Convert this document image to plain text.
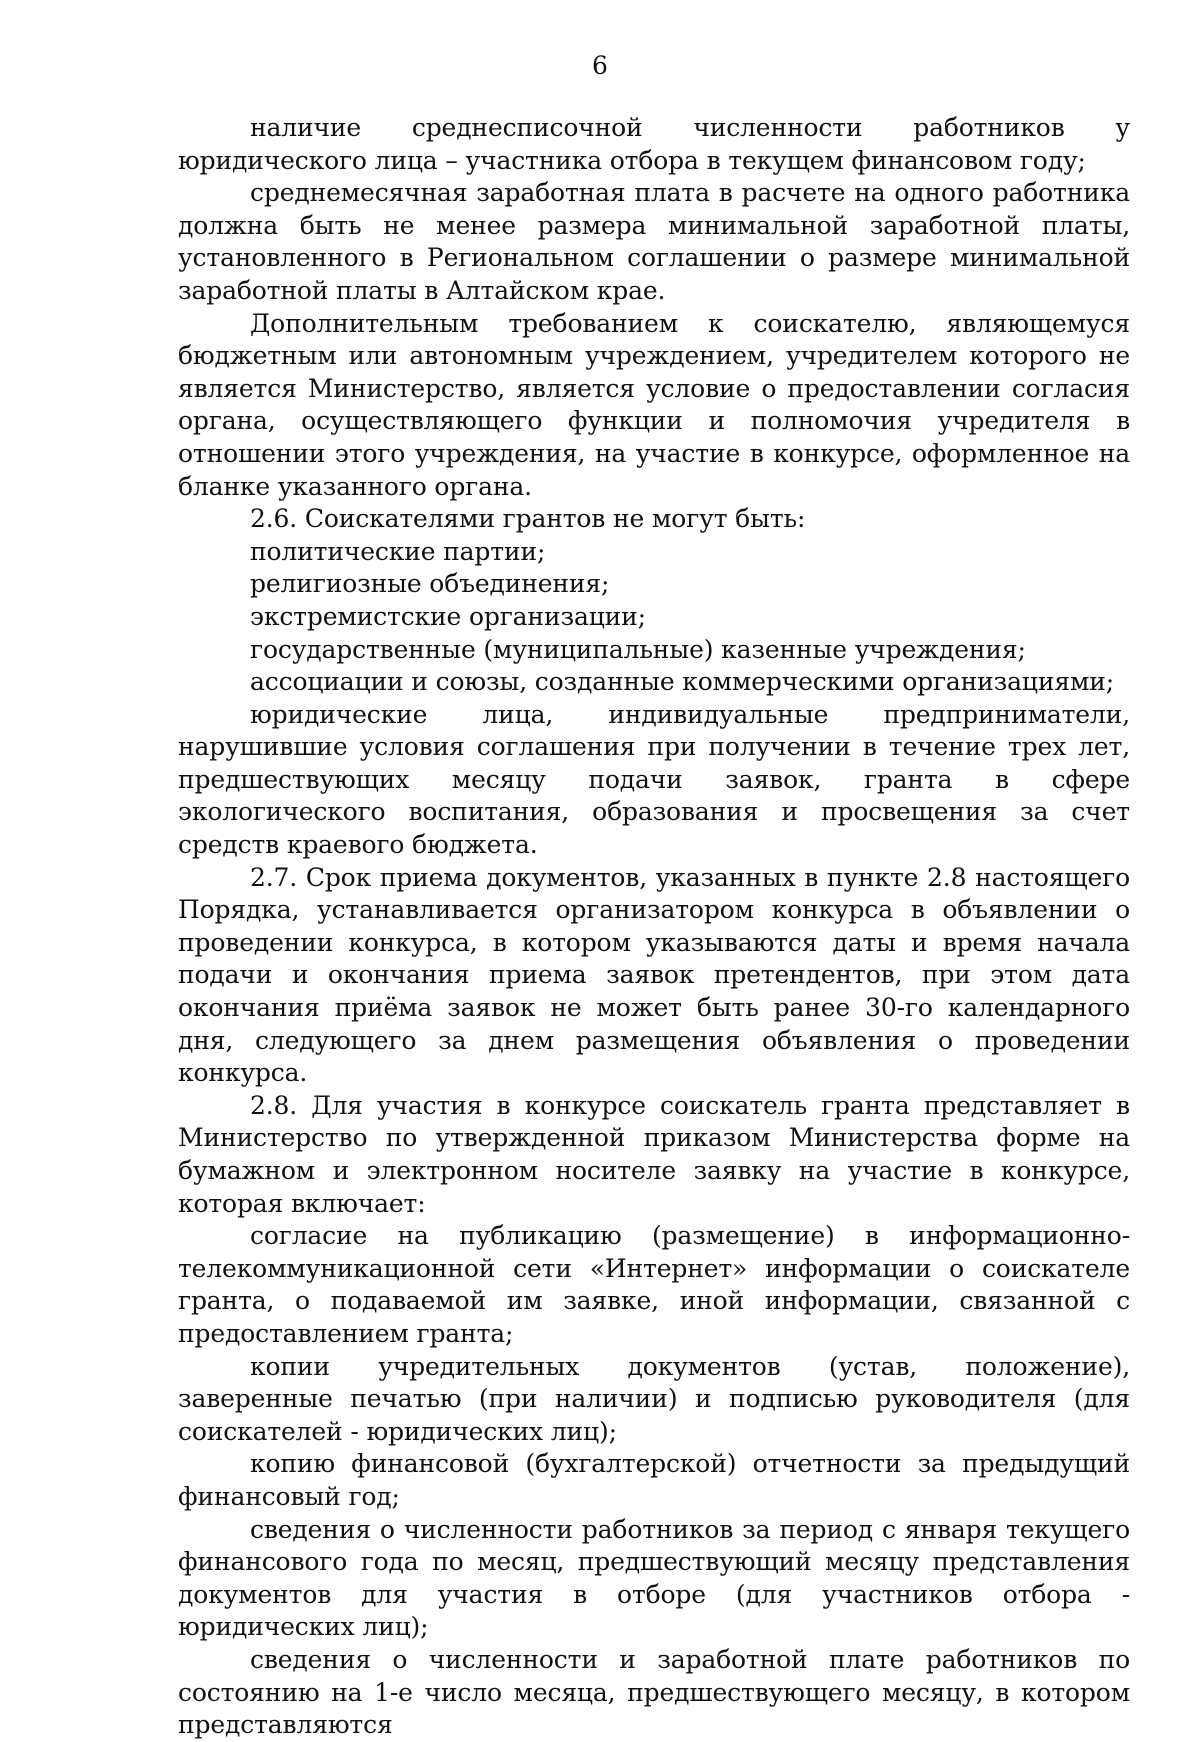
6

наличие среднесписочной численности работников у юридического лица – участника отбора в текущем финансовом году;

среднемесячная заработная плата в расчете на одного работника должна быть не менее размера минимальной заработной платы, установленного в Региональном соглашении о размере минимальной заработной платы в Алтайском крае.

Дополнительным требованием к соискателю, являющемуся бюджетным или автономным учреждением, учредителем которого не является Министерство, является условие о предоставлении согласия органа, осуществляющего функции и полномочия учредителя в отношении этого учреждения, на участие в конкурсе, оформленное на бланке указанного органа.

2.6. Соискателями грантов не могут быть:

политические партии;

религиозные объединения;

экстремистские организации;

государственные (муниципальные) казенные учреждения;

ассоциации и союзы, созданные коммерческими организациями;

юридические лица, индивидуальные предприниматели, нарушившие условия соглашения при получении в течение трех лет, предшествующих месяцу подачи заявок, гранта в сфере экологического воспитания, образования и просвещения за счет средств краевого бюджета.

2.7. Срок приема документов, указанных в пункте 2.8 настоящего Порядка, устанавливается организатором конкурса в объявлении о проведении конкурса, в котором указываются даты и время начала подачи и окончания приема заявок претендентов, при этом дата окончания приёма заявок не может быть ранее 30-го календарного дня, следующего за днем размещения объявления о проведении конкурса.

2.8. Для участия в конкурсе соискатель гранта представляет в Министерство по утвержденной приказом Министерства форме на бумажном и электронном носителе заявку на участие в конкурсе, которая включает:

согласие на публикацию (размещение) в информационно-телекоммуникационной сети «Интернет» информации о соискателе гранта, о подаваемой им заявке, иной информации, связанной с предоставлением гранта;

копии учредительных документов (устав, положение), заверенные печатью (при наличии) и подписью руководителя (для соискателей - юридических лиц);

копию финансовой (бухгалтерской) отчетности за предыдущий финансовый год;

сведения о численности работников за период с января текущего финансового года по месяц, предшествующий месяцу представления документов для участия в отборе (для участников отбора - юридических лиц);

сведения о численности и заработной плате работников по состоянию на 1-е число месяца, предшествующего месяцу, в котором представляются
